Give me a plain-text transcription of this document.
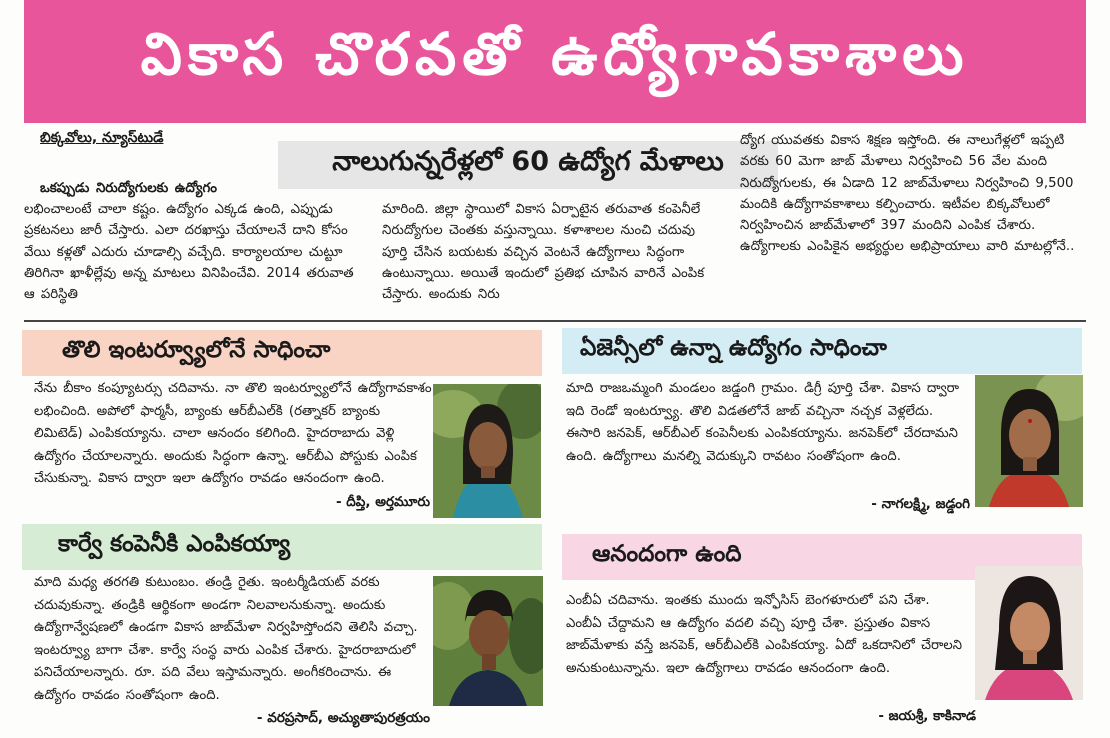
వికాస చొరవతో ఉద్యోగావకాశాలు
బిక్కవోలు, న్యూస్‌టుడే
నాలుగున్నరేళ్లలో 60 ఉద్యోగ మేళాలు

ఒకప్పుడు నిరుద్యోగులకు ఉద్యోగం

లభించాలంటే చాలా కష్టం. ఉద్యోగం ఎక్కడ ఉంది, ఎప్పుడు ప్రకటనలు జారీ చేస్తారు. ఎలా దరఖాస్తు చేయాలనే దాని కోసం వేయి కళ్లతో ఎదురు చూడాల్సి వచ్చేది. కార్యాలయాల చుట్టూ తిరిగినా ఖాళీల్లేవు అన్న మాటలు వినిపించేవి. 2014 తరువాత ఆ పరిస్థితి

మారింది. జిల్లా స్థాయిలో వికాస ఏర్పాటైన తరువాత కంపెనీలే నిరుద్యోగుల చెంతకు వస్తున్నాయి. కళాశాలల నుంచి చదువు పూర్తి చేసిన బయటకు వచ్చిన వెంటనే ఉద్యోగాలు సిద్ధంగా ఉంటున్నాయి. అయితే ఇందులో ప్రతిభ చూపిన వారినే ఎంపిక చేస్తారు. అందుకు నిరు

ద్యోగ యువతకు వికాస శిక్షణ ఇస్తోంది. ఈ నాలుగేళ్లలో ఇప్పటి వరకు 60 మెగా జాబ్ మేళాలు నిర్వహించి 56 వేల మంది నిరుద్యోగులకు, ఈ ఏడాది 12 జాబ్‌మేళాలు నిర్వహించి 9,500 మందికి ఉద్యోగావకాశాలు కల్పించారు. ఇటీవల బిక్కవోలులో నిర్వహించిన జాబ్‌మేళాలో 397 మందిని ఎంపిక చేశారు. ఉద్యోగాలకు ఎంపికైన అభ్యర్థుల అభిప్రాయాలు వారి మాటల్లోనే..

తొలి ఇంటర్వ్యూలోనే సాధించా

నేను బీకాం కంప్యూటర్సు చదివాను. నా తొలి ఇంటర్వ్యూలోనే ఉద్యోగావకాశం లభించింది. అపోలో ఫార్మసీ, బ్యాంకు ఆర్‌బీఎల్‌కి (రత్నాకర్ బ్యాంకు లిమిటెడ్) ఎంపికయ్యాను. చాలా ఆనందం కలిగింది. హైదరాబాదు వెళ్లి ఉద్యోగం చేయాలన్నారు. అందుకు సిద్ధంగా ఉన్నా. ఆర్‌బీఎ పోస్టుకు ఎంపిక చేసుకున్నా. వికాస ద్వారా ఇలా ఉద్యోగం రావడం ఆనందంగా ఉంది.

- దీప్తి, అర్తమూరు
ఏజెన్సీలో ఉన్నా ఉద్యోగం సాధించా

మాది రాజఒమ్మంగి మండలం జడ్డంగి గ్రామం. డిగ్రీ పూర్తి చేశా. వికాస ద్వారా ఇది రెండో ఇంటర్వ్యూ. తొలి విడతలోనే జాబ్ వచ్చినా నచ్చక వెళ్లలేదు. ఈసారి జనపెక్, ఆర్‌బీఎల్ కంపెనీలకు ఎంపికయ్యాను. జనపెక్‌లో చేరదామని ఉంది. ఉద్యోగాలు మనల్ని వెదుక్కుని రావటం సంతోషంగా ఉంది.

- నాగలక్ష్మి, జడ్డంగి
కార్వే కంపెనీకి ఎంపికయ్యా

మాది మధ్య తరగతి కుటుంబం. తండ్రి రైతు. ఇంటర్మీడియట్ వరకు చదువుకున్నా. తండ్రికి ఆర్థికంగా అండగా నిలవాలనుకున్నా. అందుకు ఉద్యోగాన్వేషణలో ఉండగా వికాస జాబ్‌మేళా నిర్వహిస్తోందని తెలిసి వచ్చా. ఇంటర్వ్యూ బాగా చేశా. కార్వే సంస్థ వారు ఎంపిక చేశారు. హైదరాబాదులో పనిచేయాలన్నారు. రూ. పది వేలు ఇస్తామన్నారు. అంగీకరించాను. ఈ ఉద్యోగం రావడం సంతోషంగా ఉంది.

- వరప్రసాద్, అచ్యుతాపురత్రయం
ఆనందంగా ఉంది

ఎంబీఏ చదివాను. ఇంతకు ముందు ఇన్ఫోసిస్ బెంగళూరులో పని చేశా. ఎంబీఏ చేద్దామని ఆ ఉద్యోగం వదలి వచ్చి పూర్తి చేశా. ప్రస్తుతం వికాస జాబ్‌మేళాకు వస్తే జనపెక్, ఆర్‌బీఎల్‌కి ఎంపికయ్యా. ఏదో ఒకదానిలో చేరాలని అనుకుంటున్నాను. ఇలా ఉద్యోగాలు రావడం ఆనందంగా ఉంది.

- జయశ్రీ, కాకినాడ
